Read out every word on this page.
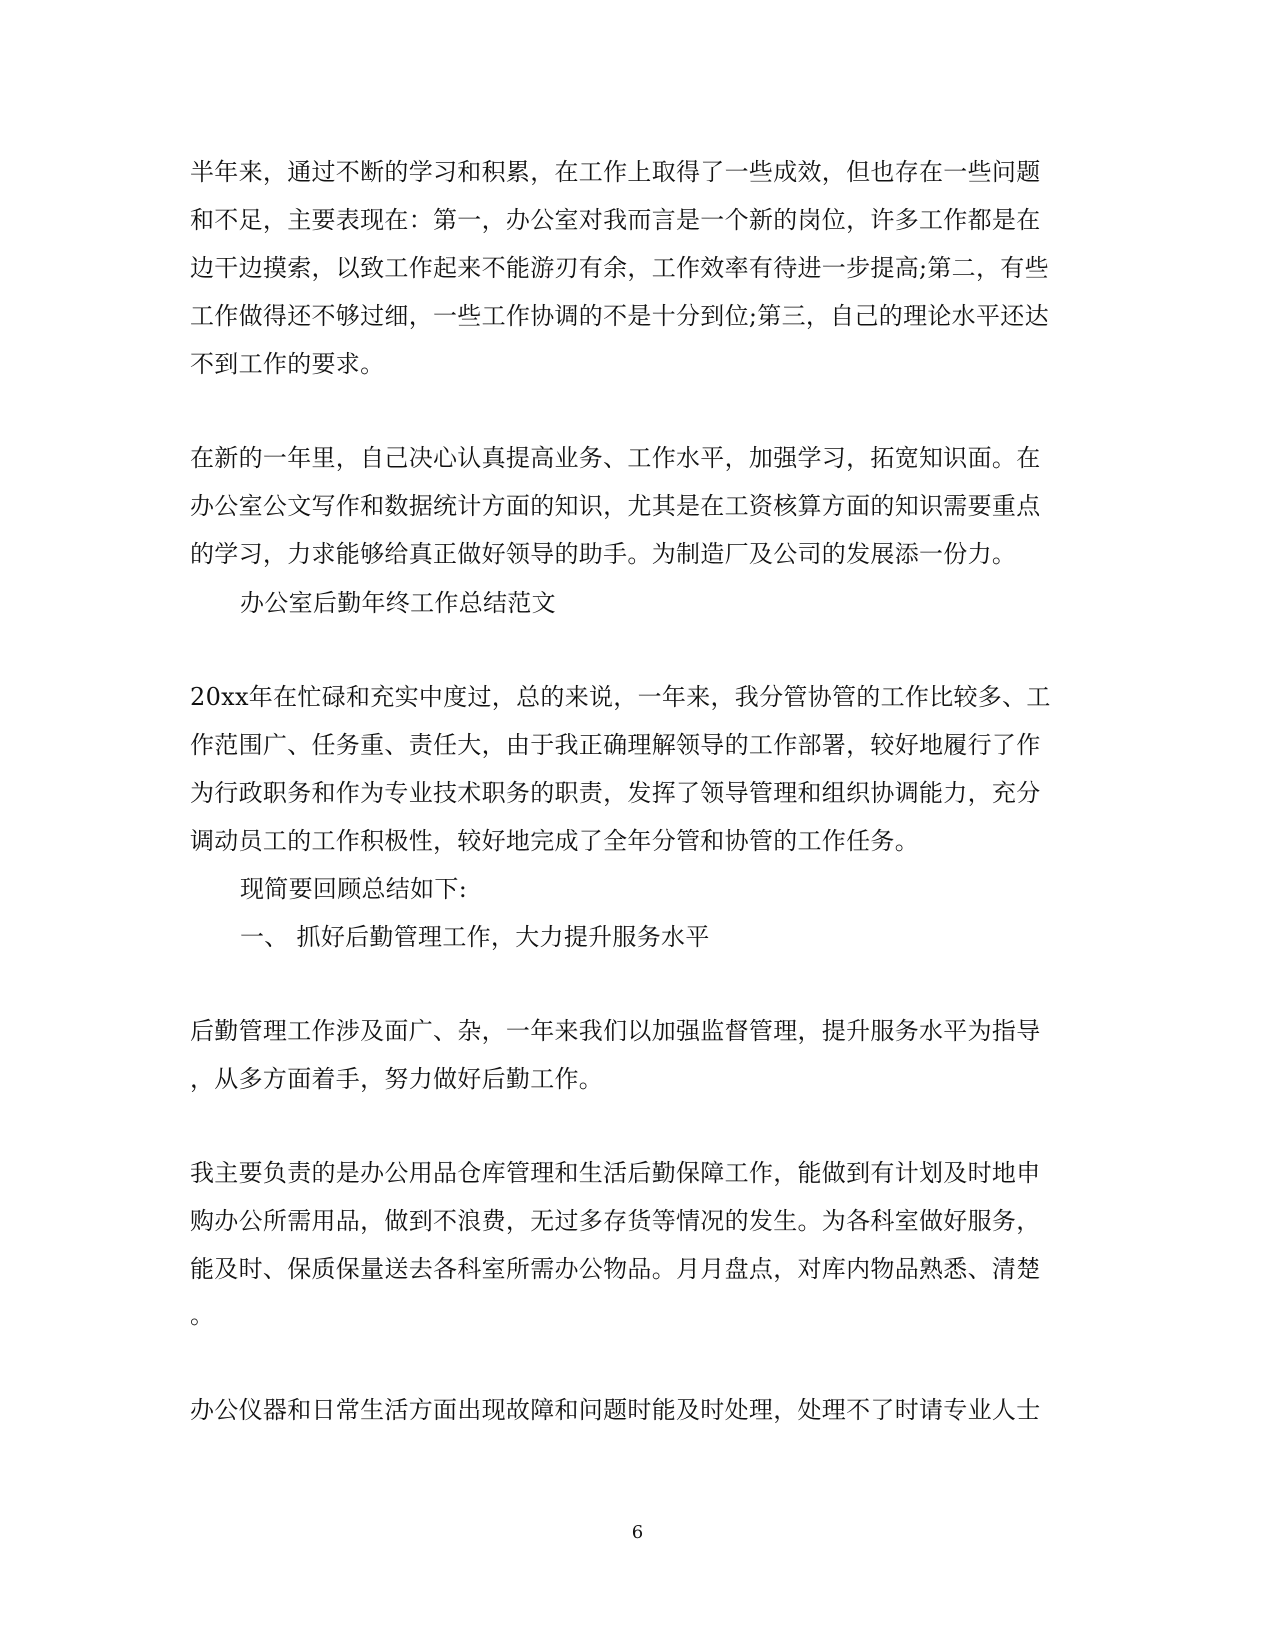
半年来，通过不断的学习和积累，在工作上取得了一些成效，但也存在一些问题
和不足，主要表现在：第一，办公室对我而言是一个新的岗位，许多工作都是在
边干边摸索，以致工作起来不能游刃有余，工作效率有待进一步提高;第二，有些
工作做得还不够过细，一些工作协调的不是十分到位;第三，自己的理论水平还达
不到工作的要求。
在新的一年里，自己决心认真提高业务、工作水平，加强学习，拓宽知识面。在
办公室公文写作和数据统计方面的知识，尤其是在工资核算方面的知识需要重点
的学习，力求能够给真正做好领导的助手。为制造厂及公司的发展添一份力。
办公室后勤年终工作总结范文
20xx年在忙碌和充实中度过，总的来说，一年来，我分管协管的工作比较多、工
作范围广、任务重、责任大，由于我正确理解领导的工作部署，较好地履行了作
为行政职务和作为专业技术职务的职责，发挥了领导管理和组织协调能力，充分
调动员工的工作积极性，较好地完成了全年分管和协管的工作任务。
现简要回顾总结如下:
一、 抓好后勤管理工作，大力提升服务水平
后勤管理工作涉及面广、杂，一年来我们以加强监督管理，提升服务水平为指导
，从多方面着手，努力做好后勤工作。
我主要负责的是办公用品仓库管理和生活后勤保障工作，能做到有计划及时地申
购办公所需用品，做到不浪费，无过多存货等情况的发生。为各科室做好服务，
能及时、保质保量送去各科室所需办公物品。月月盘点，对库内物品熟悉、清楚
。
办公仪器和日常生活方面出现故障和问题时能及时处理，处理不了时请专业人士
6
